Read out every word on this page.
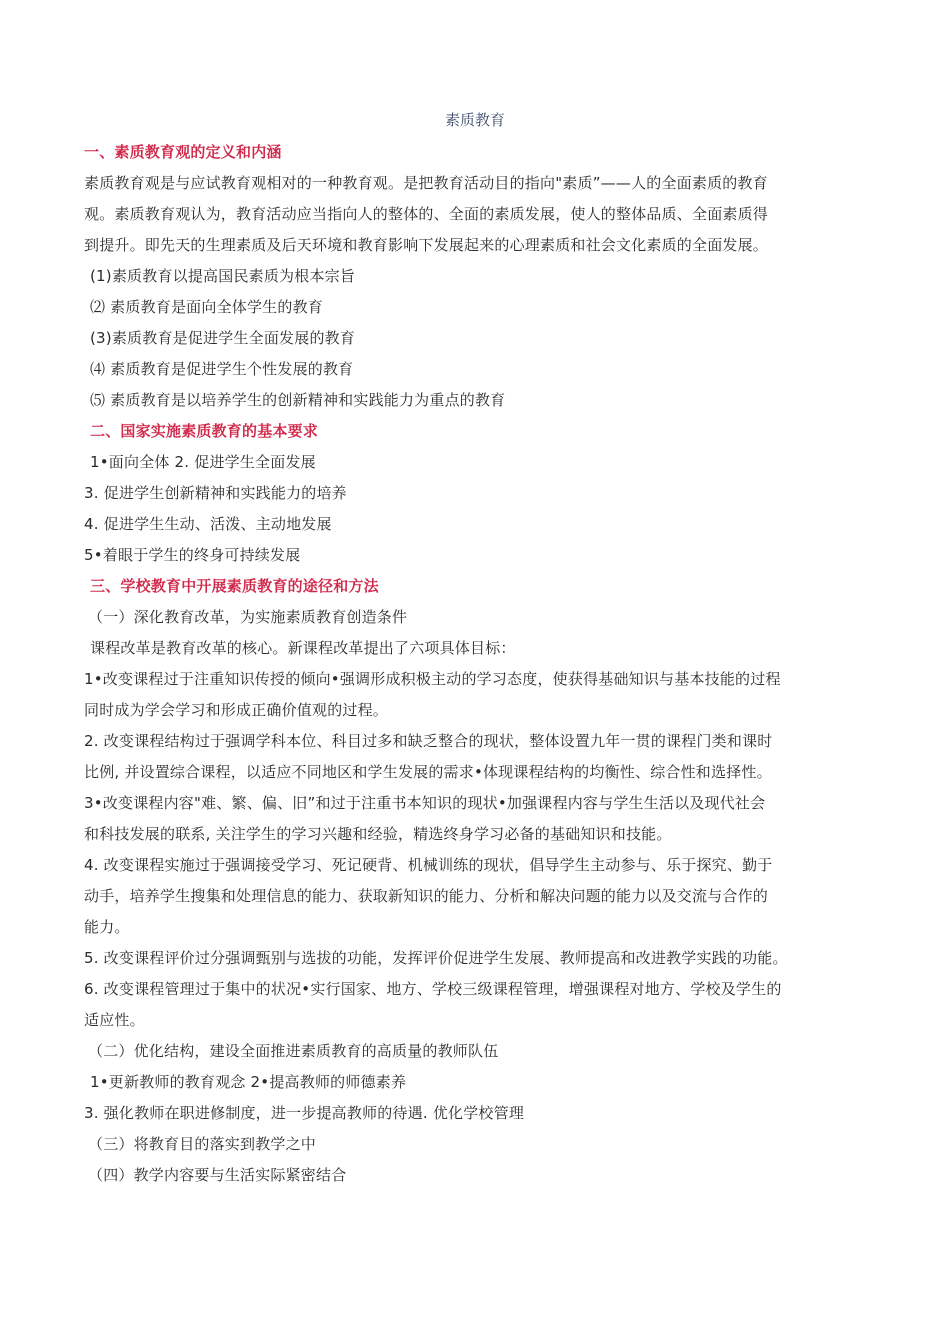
素质教育
一、素质教育观的定义和内涵
素质教育观是与应试教育观相对的一种教育观。是把教育活动目的指向"素质”——人的全面素质的教育
观。素质教育观认为，教育活动应当指向人的整体的、全面的素质发展，使人的整体品质、全面素质得
到提升。即先天的生理素质及后天环境和教育影响下发展起来的心理素质和社会文化素质的全面发展。
(1)素质教育以提高国民素质为根本宗旨
⑵ 素质教育是面向全体学生的教育
(3)素质教育是促进学生全面发展的教育
⑷ 素质教育是促进学生个性发展的教育
⑸ 素质教育是以培养学生的创新精神和实践能力为重点的教育
二、国家实施素质教育的基本要求
1•面向全体 2. 促进学生全面发展
3. 促进学生创新精神和实践能力的培养
4. 促进学生生动、活泼、主动地发展
5•着眼于学生的终身可持续发展
三、学校教育中开展素质教育的途径和方法
（一）深化教育改革，为实施素质教育创造条件
课程改革是教育改革的核心。新课程改革提出了六项具体目标：
1•改变课程过于注重知识传授的倾向•强调形成积极主动的学习态度，使获得基础知识与基本技能的过程
同时成为学会学习和形成正确价值观的过程。
2. 改变课程结构过于强调学科本位、科目过多和缺乏整合的现状，整体设置九年一贯的课程门类和课时
比例, 并设置综合课程，以适应不同地区和学生发展的需求•体现课程结构的均衡性、综合性和选择性。
3•改变课程内容"难、繁、偏、旧”和过于注重书本知识的现状•加强课程内容与学生生活以及现代社会
和科技发展的联系, 关注学生的学习兴趣和经验，精选终身学习必备的基础知识和技能。
4. 改变课程实施过于强调接受学习、死记硬背、机械训练的现状，倡导学生主动参与、乐于探究、勤于
动手，培养学生搜集和处理信息的能力、获取新知识的能力、分析和解决问题的能力以及交流与合作的
能力。
5. 改变课程评价过分强调甄别与选拔的功能，发挥评价促进学生发展、教师提高和改进教学实践的功能。
6. 改变课程管理过于集中的状况•实行国家、地方、学校三级课程管理，增强课程对地方、学校及学生的
适应性。
（二）优化结构，建设全面推进素质教育的高质量的教师队伍
1•更新教师的教育观念 2•提高教师的师德素养
3. 强化教师在职进修制度，进一步提高教师的待遇. 优化学校管理
（三）将教育目的落实到教学之中
（四）教学内容要与生活实际紧密结合
